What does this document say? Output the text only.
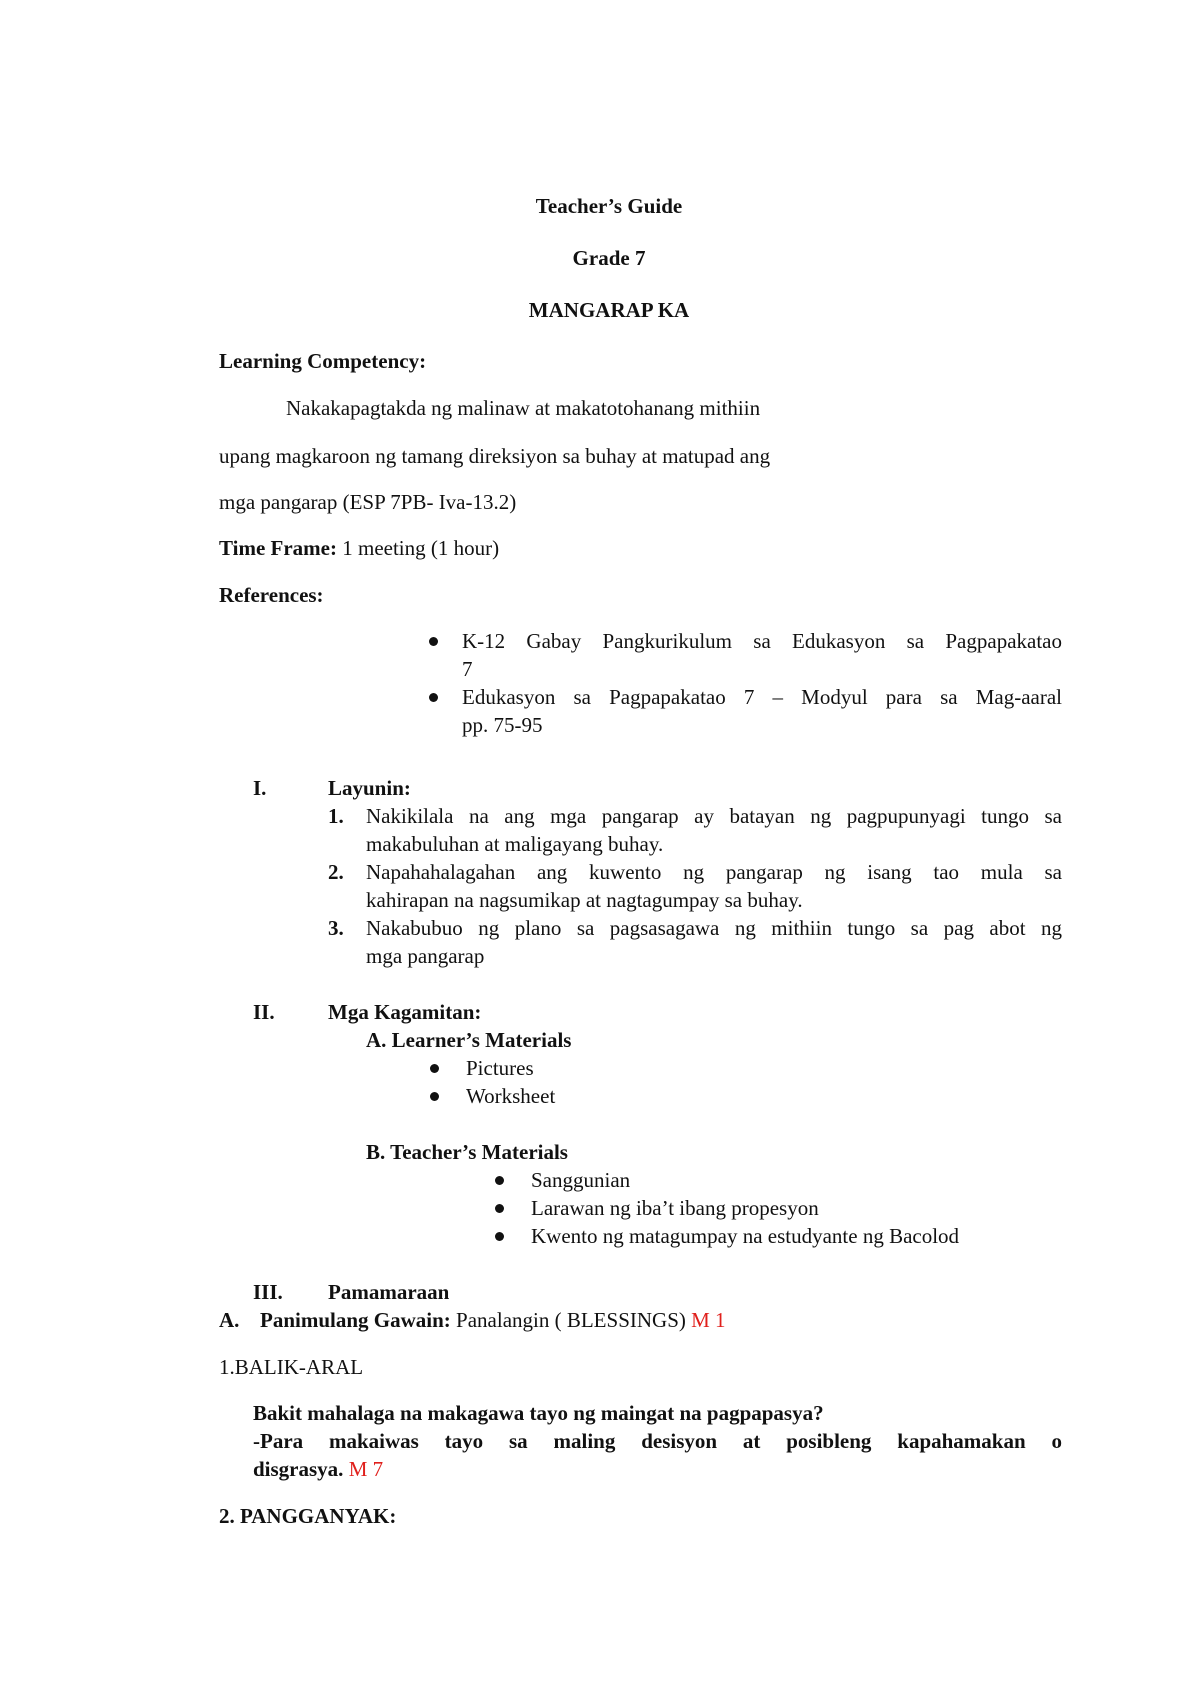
Teacher’s Guide
Grade 7
MANGARAP KA
Learning Competency:
Nakakapagtakda ng malinaw at makatotohanang mithiin
upang magkaroon ng tamang direksiyon sa buhay at matupad ang
mga pangarap (ESP 7PB- Iva-13.2)
Time Frame: 1 meeting (1 hour)
References:
K-12 Gabay Pangkurikulum sa Edukasyon sa Pagpapakatao
7
Edukasyon sa Pagpapakatao 7 – Modyul para sa Mag-aaral
pp. 75-95
I.	Layunin:
1. Nakikilala na ang mga pangarap ay batayan ng pagpupunyagi tungo sa
makabuluhan at maligayang buhay.
2. Napahahalagahan ang kuwento ng pangarap ng isang tao mula sa
kahirapan na nagsumikap at nagtagumpay sa buhay.
3. Nakabubuo ng plano sa pagsasagawa ng mithiin tungo sa pag abot ng
mga pangarap
II.	Mga Kagamitan:
A. Learner’s Materials
Pictures
Worksheet
B. Teacher’s Materials
Sanggunian
Larawan ng iba’t ibang propesyon
Kwento ng matagumpay na estudyante ng Bacolod
III. Pamamaraan
A. Panimulang Gawain: Panalangin ( BLESSINGS) M 1
1.BALIK-ARAL
Bakit mahalaga na makagawa tayo ng maingat na pagpapasya?
-Para makaiwas tayo sa maling desisyon at posibleng kapahamakan o
disgrasya. M 7
2. PANGGANYAK:
